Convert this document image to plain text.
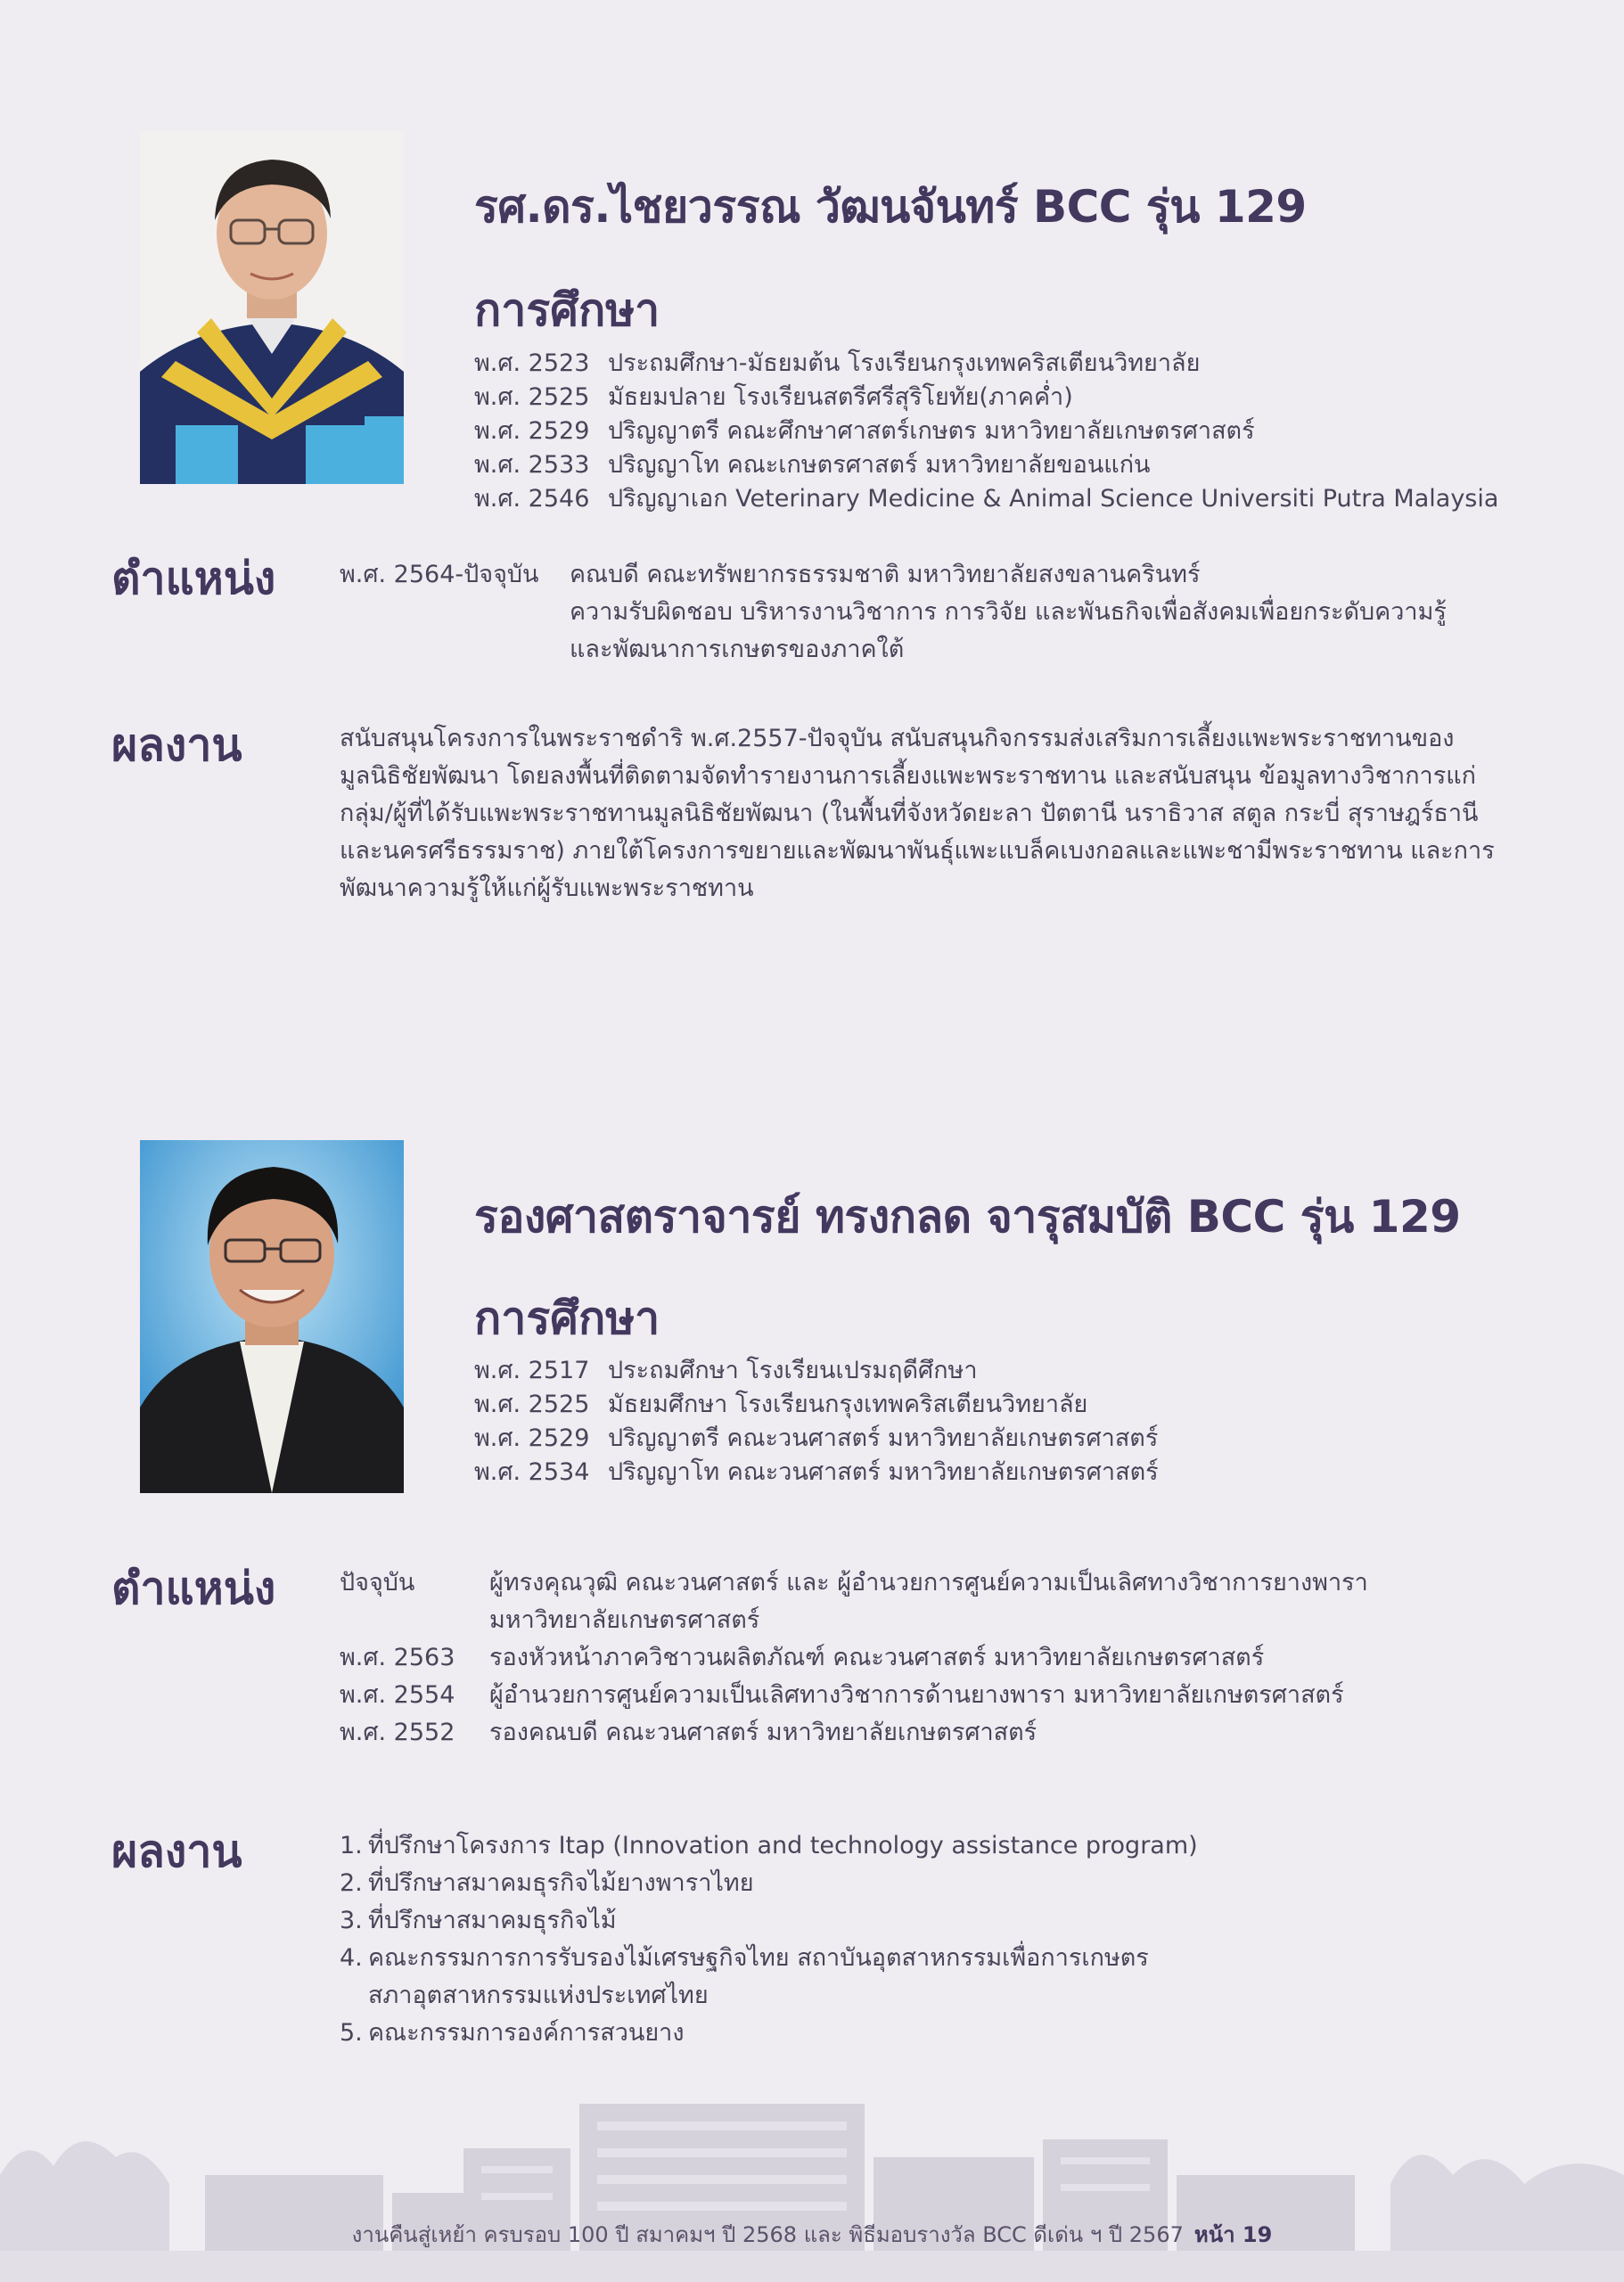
รศ.ดร.ไชยวรรณ วัฒนจันทร์ BCC รุ่น 129
การศึกษา
พ.ศ. 2523 ประถมศึกษา-มัธยมต้น โรงเรียนกรุงเทพคริสเตียนวิทยาลัย
พ.ศ. 2525 มัธยมปลาย โรงเรียนสตรีศรีสุริโยทัย(ภาคค่ำ)
พ.ศ. 2529 ปริญญาตรี คณะศึกษาศาสตร์เกษตร มหาวิทยาลัยเกษตรศาสตร์
พ.ศ. 2533 ปริญญาโท คณะเกษตรศาสตร์ มหาวิทยาลัยขอนแก่น
พ.ศ. 2546 ปริญญาเอก Veterinary Medicine & Animal Science Universiti Putra Malaysia
ตำแหน่ง	พ.ศ. 2564-ปัจจุบัน	คณบดี คณะทรัพยากรธรรมชาติ มหาวิทยาลัยสงขลานครินทร์
ความรับผิดชอบ บริหารงานวิชาการ การวิจัย และพันธกิจเพื่อสังคมเพื่อยกระดับความรู้
และพัฒนาการเกษตรของภาคใต้
ผลงาน	สนับสนุนโครงการในพระราชดำริ พ.ศ.2557-ปัจจุบัน สนับสนุนกิจกรรมส่งเสริมการเลี้ยงแพะพระราชทานของมูลนิธิชัยพัฒนา โดยลงพื้นที่ติดตามจัดทำรายงานการเลี้ยงแพะพระราชทาน และสนับสนุน ข้อมูลทางวิชาการแก่กลุ่ม/ผู้ที่ได้รับแพะพระราชทานมูลนิธิชัยพัฒนา (ในพื้นที่จังหวัดยะลา ปัตตานี นราธิวาส สตูล กระบี่ สุราษฎร์ธานี และนครศรีธรรมราช) ภายใต้โครงการขยายและพัฒนาพันธุ์แพะแบล็คเบงกอลและแพะชามีพระราชทาน และการพัฒนาความรู้ให้แก่ผู้รับแพะพระราชทาน

รองศาสตราจารย์ ทรงกลด จารุสมบัติ BCC รุ่น 129
การศึกษา
พ.ศ. 2517 ประถมศึกษา โรงเรียนเปรมฤดีศึกษา
พ.ศ. 2525 มัธยมศึกษา โรงเรียนกรุงเทพคริสเตียนวิทยาลัย
พ.ศ. 2529 ปริญญาตรี คณะวนศาสตร์ มหาวิทยาลัยเกษตรศาสตร์
พ.ศ. 2534 ปริญญาโท คณะวนศาสตร์ มหาวิทยาลัยเกษตรศาสตร์
ตำแหน่ง	ปัจจุบัน	ผู้ทรงคุณวุฒิ คณะวนศาสตร์ และ ผู้อำนวยการศูนย์ความเป็นเลิศทางวิชาการยางพารา
มหาวิทยาลัยเกษตรศาสตร์
พ.ศ. 2563	รองหัวหน้าภาควิชาวนผลิตภัณฑ์ คณะวนศาสตร์ มหาวิทยาลัยเกษตรศาสตร์
พ.ศ. 2554	ผู้อำนวยการศูนย์ความเป็นเลิศทางวิชาการด้านยางพารา มหาวิทยาลัยเกษตรศาสตร์
พ.ศ. 2552	รองคณบดี คณะวนศาสตร์ มหาวิทยาลัยเกษตรศาสตร์
ผลงาน	1. ที่ปรึกษาโครงการ Itap (Innovation and technology assistance program)
2. ที่ปรึกษาสมาคมธุรกิจไม้ยางพาราไทย
3. ที่ปรึกษาสมาคมธุรกิจไม้
4. คณะกรรมการการรับรองไม้เศรษฐกิจไทย สถาบันอุตสาหกรรมเพื่อการเกษตร
สภาอุตสาหกรรมแห่งประเทศไทย
5. คณะกรรมการองค์การสวนยาง
งานคืนสู่เหย้า ครบรอบ 100 ปี สมาคมฯ ปี 2568 และ พิธีมอบรางวัล BCC ดีเด่น ฯ ปี 2567 หน้า 19
